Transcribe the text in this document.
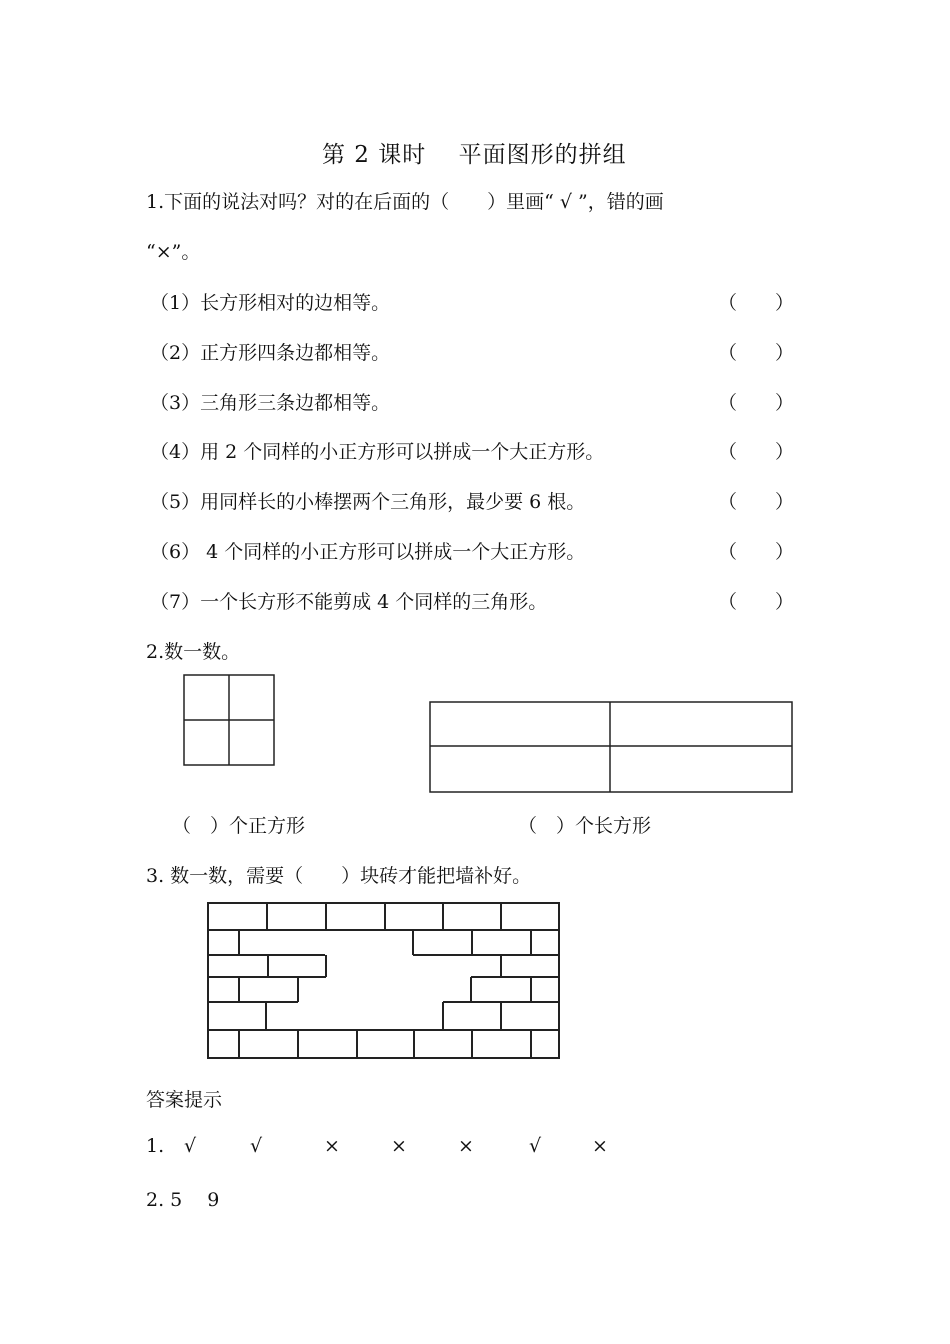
第 2 课时　 平面图形的拼组
1.下面的说法对吗？对的在后面的（　　）里画“ √ ”，错的画
“×”。
（1）长方形相对的边相等。	（　　）
（2）正方形四条边都相等。	（　　）
（3）三角形三条边都相等。	（　　）
（4）用 2 个同样的小正方形可以拼成一个大正方形。	（　　）
（5）用同样长的小棒摆两个三角形，最少要 6 根。	（　　）
（6） 4 个同样的小正方形可以拼成一个大正方形。	（　　）
（7）一个长方形不能剪成 4 个同样的三角形。	（　　）
2.数一数。
（　）个正方形	（　）个长方形
3. 数一数，需要（　　）块砖才能把墙补好。
答案提示
1. √	√	×	×	×	√	×
2. 5　 9
